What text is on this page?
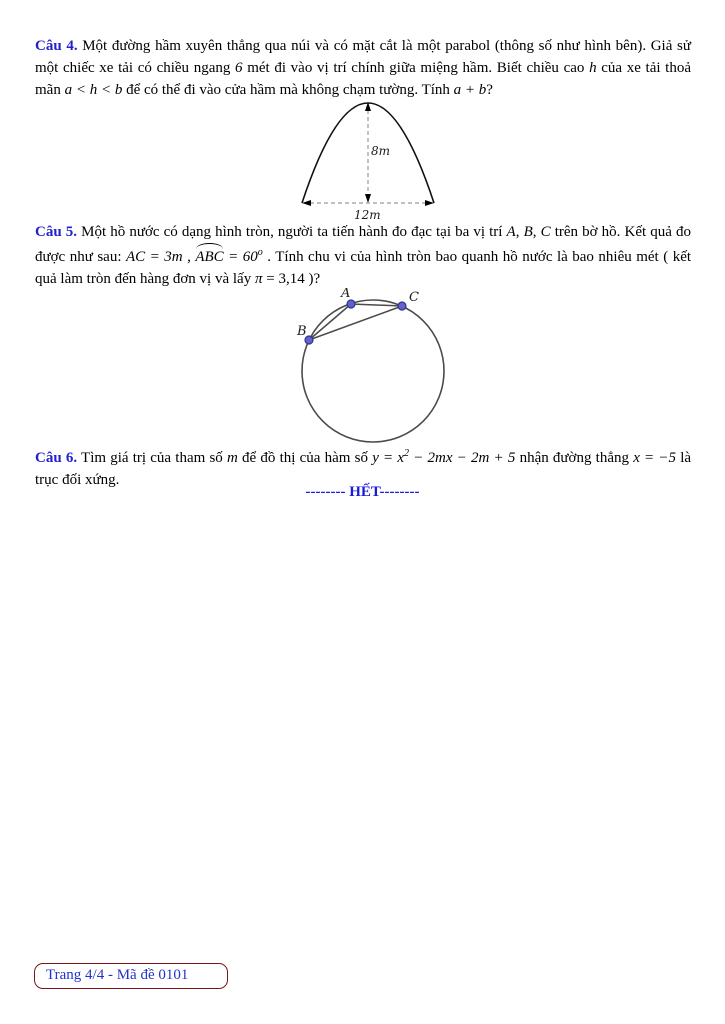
Câu 4. Một đường hầm xuyên thẳng qua núi và có mặt cắt là một parabol (thông số như hình bên). Giả sử một chiếc xe tải có chiều ngang 6 mét đi vào vị trí chính giữa miệng hầm. Biết chiều cao h của xe tải thoả mãn a < h < b để có thể đi vào cửa hầm mà không chạm tường. Tính a + b?

8m
12m

Câu 5. Một hồ nước có dạng hình tròn, người ta tiến hành đo đạc tại ba vị trí A, B, C trên bờ hồ. Kết quả đo được như sau: AC = 3m , ABC = $60^o$ . Tính chu vi của hình tròn bao quanh hồ nước là bao nhiêu mét ( kết quả làm tròn đến hàng đơn vị và lấy π = 3,14 )?

A
B
C

Câu 6. Tìm giá trị của tham số m để đồ thị của hàm số $y = x^2 - 2mx - 2m + 5$ nhận đường thẳng x = −5 là trục đối xứng.

-------- HẾT--------
Trang 4/4 - Mã đề 0101
